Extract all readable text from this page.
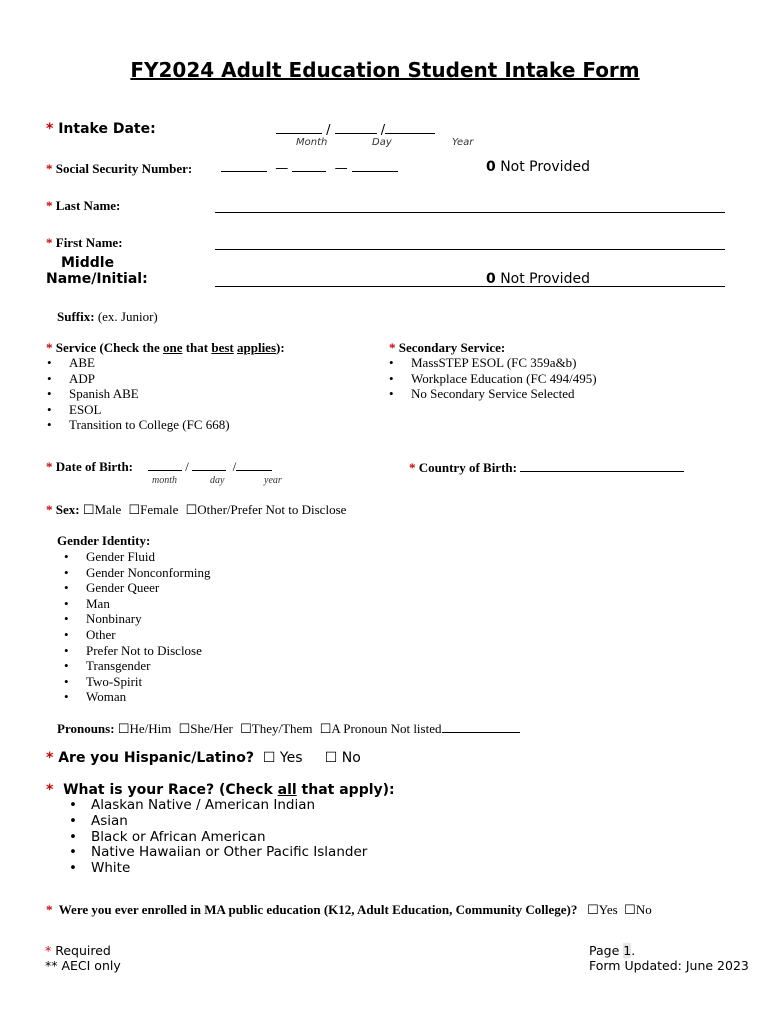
FY2024 Adult Education Student Intake Form
* Intake Date:	/	/
Month	Day	Year
* Social Security Number:	—	—	0 Not Provided
* Last Name:
* First Name:
Middle
Name/Initial:	0 Not Provided
Suffix: (ex. Junior)
* Service (Check the one that best applies):
• ABE
• ADP
• Spanish ABE
• ESOL
• Transition to College (FC 668)
* Secondary Service:
• MassSTEP ESOL (FC 359a&b)
• Workplace Education (FC 494/495)
• No Secondary Service Selected
* Date of Birth:	/	/
month	day	year
* Country of Birth:
* Sex: ☐Male ☐Female ☐Other/Prefer Not to Disclose
Gender Identity:
• Gender Fluid
• Gender Nonconforming
• Gender Queer
• Man
• Nonbinary
• Other
• Prefer Not to Disclose
• Transgender
• Two-Spirit
• Woman
Pronouns: ☐He/Him ☐She/Her ☐They/Them ☐A Pronoun Not listed
* Are you Hispanic/Latino? ☐ Yes ☐ No
* What is your Race? (Check all that apply):
• Alaskan Native / American Indian
• Asian
• Black or African American
• Native Hawaiian or Other Pacific Islander
• White
* Were you ever enrolled in MA public education (K12, Adult Education, Community College)? ☐Yes ☐No
* Required
** AECI only
Page 1.
Form Updated: June 2023
